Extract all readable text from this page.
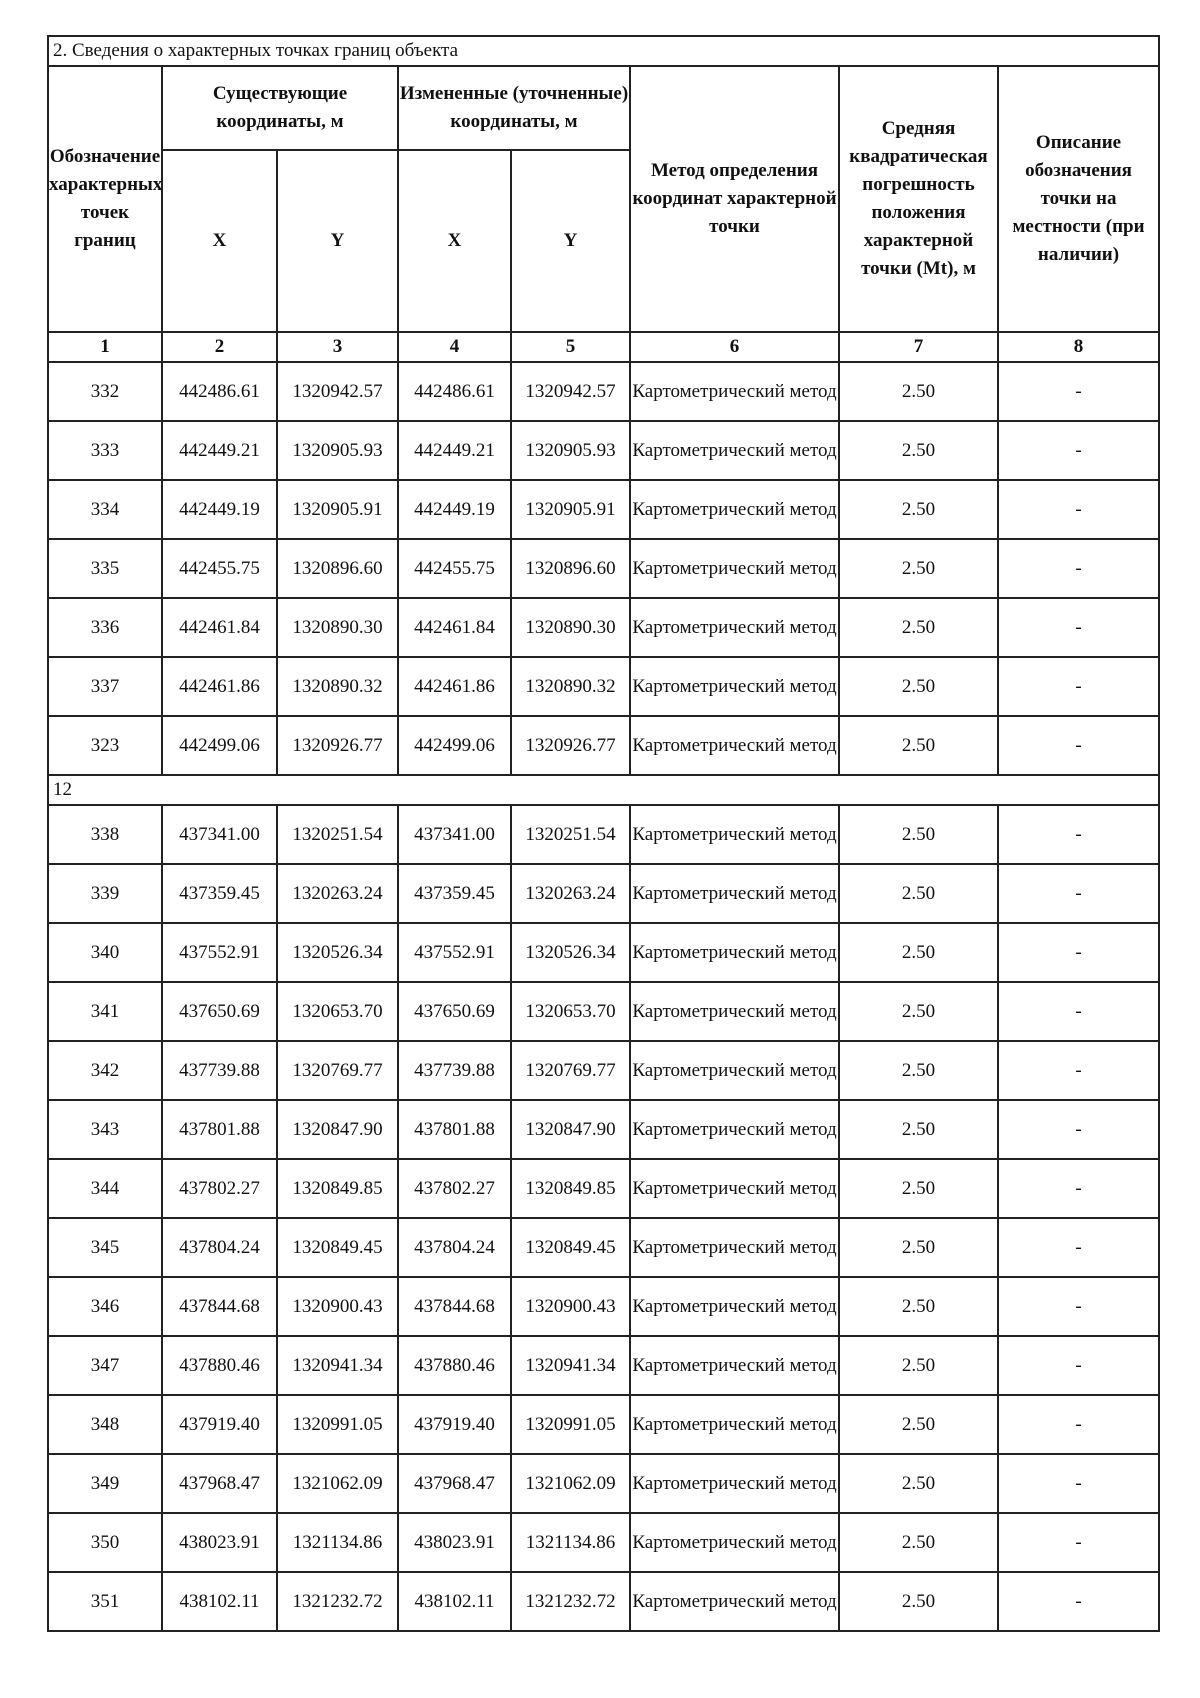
2. Сведения о характерных точках границ объекта							
Обозначение характерных точек границ	Существующие координаты, м		Измененные (уточненные) координаты, м		Метод определения координат характерной точки	Средняя квадратическая погрешность положения характерной точки (Mt), м	Описание обозначения точки на местности (при наличии)
	X	Y	X	Y			
1	2	3	4	5	6	7	8
332	442486.61	1320942.57	442486.61	1320942.57	Картометрический метод	2.50	-
333	442449.21	1320905.93	442449.21	1320905.93	Картометрический метод	2.50	-
334	442449.19	1320905.91	442449.19	1320905.91	Картометрический метод	2.50	-
335	442455.75	1320896.60	442455.75	1320896.60	Картометрический метод	2.50	-
336	442461.84	1320890.30	442461.84	1320890.30	Картометрический метод	2.50	-
337	442461.86	1320890.32	442461.86	1320890.32	Картометрический метод	2.50	-
323	442499.06	1320926.77	442499.06	1320926.77	Картометрический метод	2.50	-
12							
338	437341.00	1320251.54	437341.00	1320251.54	Картометрический метод	2.50	-
339	437359.45	1320263.24	437359.45	1320263.24	Картометрический метод	2.50	-
340	437552.91	1320526.34	437552.91	1320526.34	Картометрический метод	2.50	-
341	437650.69	1320653.70	437650.69	1320653.70	Картометрический метод	2.50	-
342	437739.88	1320769.77	437739.88	1320769.77	Картометрический метод	2.50	-
343	437801.88	1320847.90	437801.88	1320847.90	Картометрический метод	2.50	-
344	437802.27	1320849.85	437802.27	1320849.85	Картометрический метод	2.50	-
345	437804.24	1320849.45	437804.24	1320849.45	Картометрический метод	2.50	-
346	437844.68	1320900.43	437844.68	1320900.43	Картометрический метод	2.50	-
347	437880.46	1320941.34	437880.46	1320941.34	Картометрический метод	2.50	-
348	437919.40	1320991.05	437919.40	1320991.05	Картометрический метод	2.50	-
349	437968.47	1321062.09	437968.47	1321062.09	Картометрический метод	2.50	-
350	438023.91	1321134.86	438023.91	1321134.86	Картометрический метод	2.50	-
351	438102.11	1321232.72	438102.11	1321232.72	Картометрический метод	2.50	-
